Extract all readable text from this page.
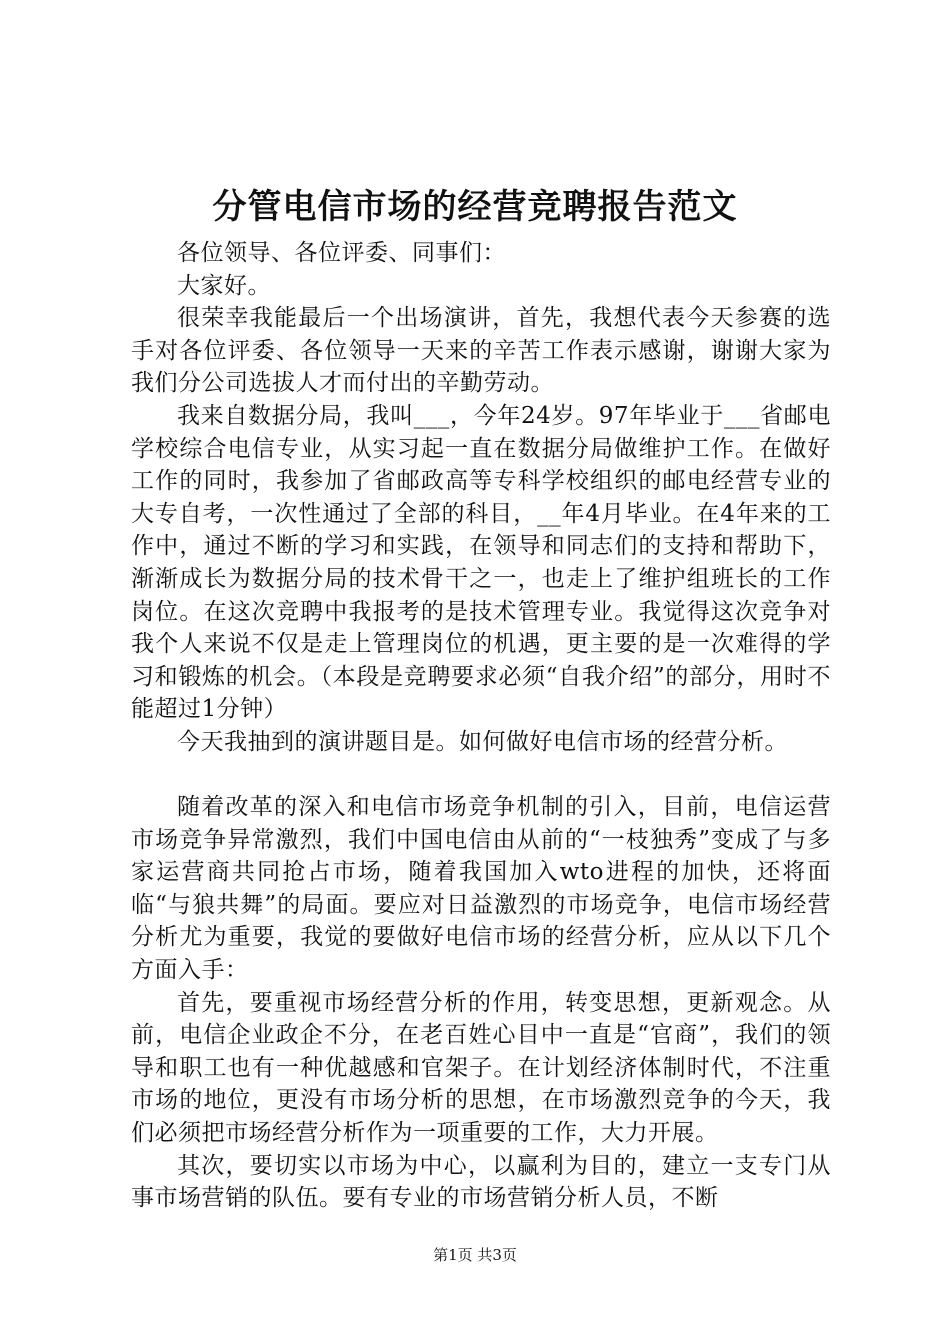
分管电信市场的经营竞聘报告范文

各位领导、各位评委、同事们：

大家好。

很荣幸我能最后一个出场演讲，首先，我想代表今天参赛的选手对各位评委、各位领导一天来的辛苦工作表示感谢，谢谢大家为我们分公司选拔人才而付出的辛勤劳动。

我来自数据分局，我叫___，今年24岁。97年毕业于___省邮电学校综合电信专业，从实习起一直在数据分局做维护工作。在做好工作的同时，我参加了省邮政高等专科学校组织的邮电经营专业的大专自考，一次性通过了全部的科目，__年4月毕业。在4年来的工作中，通过不断的学习和实践，在领导和同志们的支持和帮助下，渐渐成长为数据分局的技术骨干之一，也走上了维护组班长的工作岗位。在这次竞聘中我报考的是技术管理专业。我觉得这次竞争对我个人来说不仅是走上管理岗位的机遇，更主要的是一次难得的学习和锻炼的机会。（本段是竞聘要求必须“自我介绍”的部分，用时不能超过1分钟）

今天我抽到的演讲题目是。如何做好电信市场的经营分析。

随着改革的深入和电信市场竞争机制的引入，目前，电信运营市场竞争异常激烈，我们中国电信由从前的“一枝独秀”变成了与多家运营商共同抢占市场，随着我国加入wto进程的加快，还将面临“与狼共舞”的局面。要应对日益激烈的市场竞争，电信市场经营分析尤为重要，我觉的要做好电信市场的经营分析，应从以下几个方面入手：

首先，要重视市场经营分析的作用，转变思想，更新观念。从前，电信企业政企不分，在老百姓心目中一直是“官商”，我们的领导和职工也有一种优越感和官架子。在计划经济体制时代，不注重市场的地位，更没有市场分析的思想，在市场激烈竞争的今天，我们必须把市场经营分析作为一项重要的工作，大力开展。

其次，要切实以市场为中心，以赢利为目的，建立一支专门从事市场营销的队伍。要有专业的市场营销分析人员，不断

第1页 共3页
